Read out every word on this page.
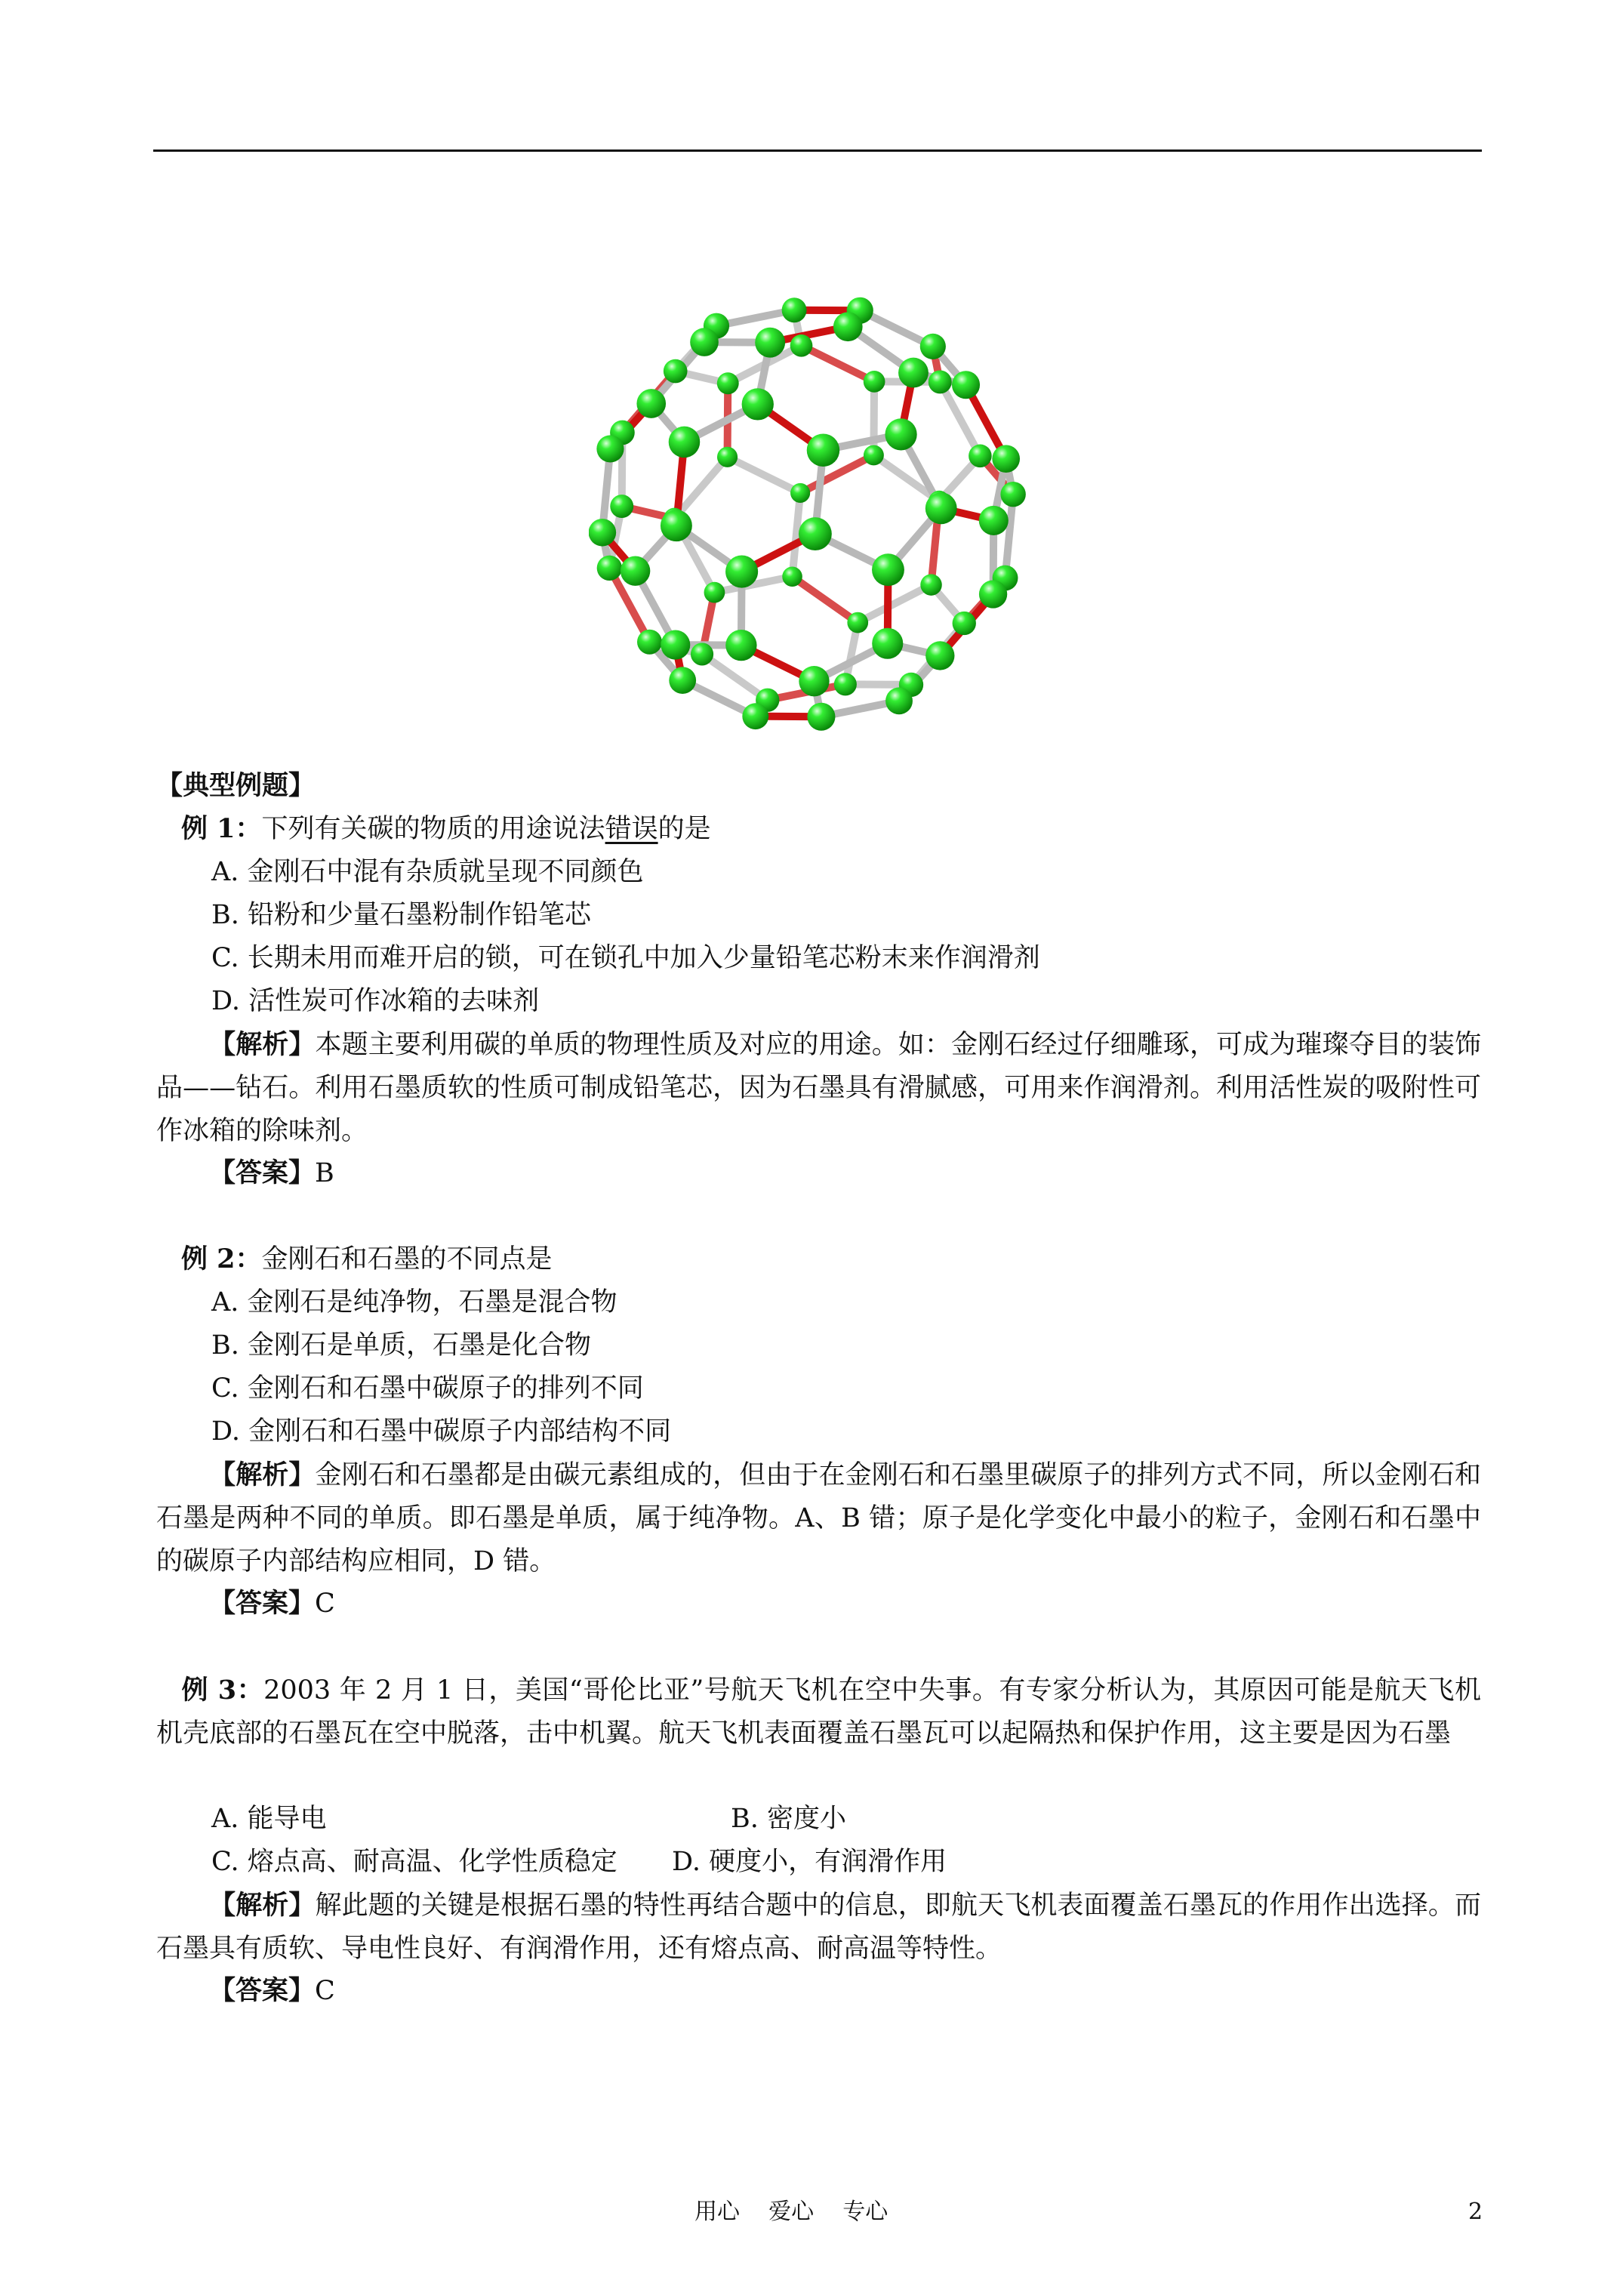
【典型例题】
例 1：下列有关碳的物质的用途说法错误的是
A. 金刚石中混有杂质就呈现不同颜色
B. 铅粉和少量石墨粉制作铅笔芯
C. 长期未用而难开启的锁，可在锁孔中加入少量铅笔芯粉末来作润滑剂
D. 活性炭可作冰箱的去味剂
【解析】本题主要利用碳的单质的物理性质及对应的用途。如：金刚石经过仔细雕琢，可成为璀璨夺目的装饰品——钻石。利用石墨质软的性质可制成铅笔芯，因为石墨具有滑腻感，可用来作润滑剂。利用活性炭的吸附性可作冰箱的除味剂。
【答案】B
例 2：金刚石和石墨的不同点是
A. 金刚石是纯净物，石墨是混合物
B. 金刚石是单质，石墨是化合物
C. 金刚石和石墨中碳原子的排列不同
D. 金刚石和石墨中碳原子内部结构不同
【解析】金刚石和石墨都是由碳元素组成的，但由于在金刚石和石墨里碳原子的排列方式不同，所以金刚石和石墨是两种不同的单质。即石墨是单质，属于纯净物。A、B 错；原子是化学变化中最小的粒子，金刚石和石墨中的碳原子内部结构应相同，D 错。
【答案】C
例 3：2003 年 2 月 1 日，美国“哥伦比亚”号航天飞机在空中失事。有专家分析认为，其原因可能是航天飞机机壳底部的石墨瓦在空中脱落，击中机翼。航天飞机表面覆盖石墨瓦可以起隔热和保护作用，这主要是因为石墨
A. 能导电	B. 密度小
C. 熔点高、耐高温、化学性质稳定 D. 硬度小，有润滑作用
【解析】解此题的关键是根据石墨的特性再结合题中的信息，即航天飞机表面覆盖石墨瓦的作用作出选择。而石墨具有质软、导电性良好、有润滑作用，还有熔点高、耐高温等特性。
【答案】C
用心    爱心    专心	2
